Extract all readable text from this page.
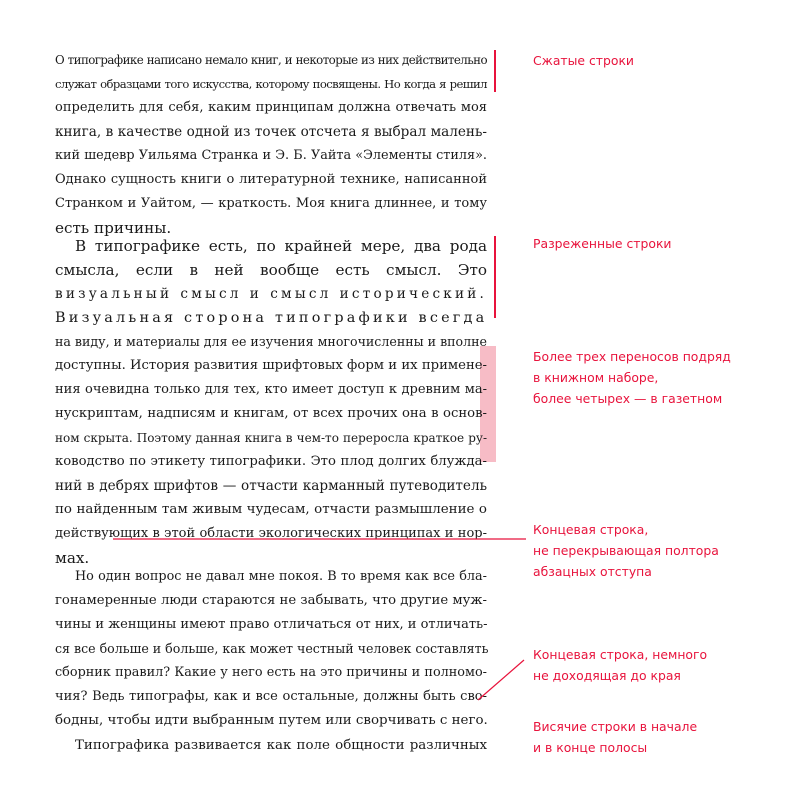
О типографике написано немало книг, и некоторые из них действительно
служат образцами того искусства, которому посвящены. Но когда я решил
определить для себя, каким принципам должна отвечать моя
книга, в качестве одной из точек отсчета я выбрал малень-
кий шедевр Уильяма Странка и Э. Б. Уайта «Элементы стиля».
Однако сущность книги о литературной технике, написанной
Странком и Уайтом, — краткость. Моя книга длиннее, и тому
есть причины.
В типографике есть, по крайней мере, два рода
смысла, если в ней вообще есть смысл. Это
визуальный смысл и смысл исторический.
Визуальная сторона типографики всегда
на виду, и материалы для ее изучения многочисленны и вполне
доступны. История развития шрифтовых форм и их примене-
ния очевидна только для тех, кто имеет доступ к древним ма-
нускриптам, надписям и книгам, от всех прочих она в основ-
ном скрыта. Поэтому данная книга в чем-то переросла краткое ру-
ководство по этикету типографики. Это плод долгих блужда-
ний в дебрях шрифтов — отчасти карманный путеводитель
по найденным там живым чудесам, отчасти размышление о
действующих в этой области экологических принципах и нор-
мах.
Но один вопрос не давал мне покоя. В то время как все бла-
гонамеренные люди стараются не забывать, что другие муж-
чины и женщины имеют право отличаться от них, и отличать-
ся все больше и больше, как может честный человек составлять
сборник правил? Какие у него есть на это причины и полномо-
чия? Ведь типографы, как и все остальные, должны быть сво-
бодны, чтобы идти выбранным путем или сворчивать с него.
Типографика развивается как поле общности различных
Сжатые строки
Разреженные строки
Более трех переносов подряд
в книжном наборе,
более четырех — в газетном
Концевая строка,
не перекрывающая полтора
абзацных отступа
Концевая строка, немного
не доходящая до края
Висячие строки в начале
и в конце полосы
